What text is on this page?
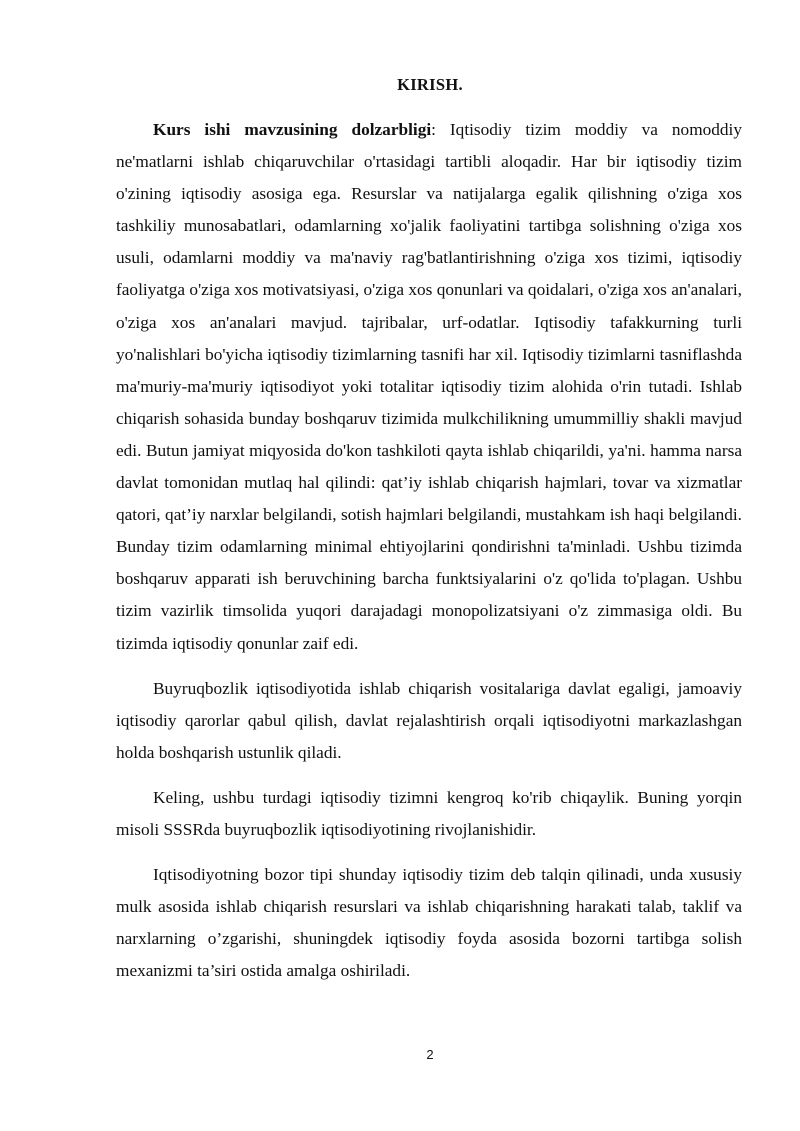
KIRISH.

Kurs ishi mavzusining dolzarbligi: Iqtisodiy tizim moddiy va nomoddiy ne'matlarni ishlab chiqaruvchilar o'rtasidagi tartibli aloqadir. Har bir iqtisodiy tizim o'zining iqtisodiy asosiga ega. Resurslar va natijalarga egalik qilishning o'ziga xos tashkiliy munosabatlari, odamlarning xo'jalik faoliyatini tartibga solishning o'ziga xos usuli, odamlarni moddiy va ma'naviy rag'batlantirishning o'ziga xos tizimi, iqtisodiy faoliyatga o'ziga xos motivatsiyasi, o'ziga xos qonunlari va qoidalari, o'ziga xos an'analari, o'ziga xos an'analari mavjud. tajribalar, urf-odatlar. Iqtisodiy tafakkurning turli yo'nalishlari bo'yicha iqtisodiy tizimlarning tasnifi har xil. Iqtisodiy tizimlarni tasniflashda ma'muriy-ma'muriy iqtisodiyot yoki totalitar iqtisodiy tizim alohida o'rin tutadi. Ishlab chiqarish sohasida bunday boshqaruv tizimida mulkchilikning umummilliy shakli mavjud edi. Butun jamiyat miqyosida do'kon tashkiloti qayta ishlab chiqarildi, ya'ni. hamma narsa davlat tomonidan mutlaq hal qilindi: qat’iy ishlab chiqarish hajmlari, tovar va xizmatlar qatori, qat’iy narxlar belgilandi, sotish hajmlari belgilandi, mustahkam ish haqi belgilandi. Bunday tizim odamlarning minimal ehtiyojlarini qondirishni ta'minladi. Ushbu tizimda boshqaruv apparati ish beruvchining barcha funktsiyalarini o'z qo'lida to'plagan. Ushbu tizim vazirlik timsolida yuqori darajadagi monopolizatsiyani o'z zimmasiga oldi. Bu tizimda iqtisodiy qonunlar zaif edi.

Buyruqbozlik iqtisodiyotida ishlab chiqarish vositalariga davlat egaligi, jamoaviy iqtisodiy qarorlar qabul qilish, davlat rejalashtirish orqali iqtisodiyotni markazlashgan holda boshqarish ustunlik qiladi.

Keling, ushbu turdagi iqtisodiy tizimni kengroq ko'rib chiqaylik. Buning yorqin misoli SSSRda buyruqbozlik iqtisodiyotining rivojlanishidir.

Iqtisodiyotning bozor tipi shunday iqtisodiy tizim deb talqin qilinadi, unda xususiy mulk asosida ishlab chiqarish resurslari va ishlab chiqarishning harakati talab, taklif va narxlarning o’zgarishi, shuningdek iqtisodiy foyda asosida bozorni tartibga solish mexanizmi ta’siri ostida amalga oshiriladi.

2
